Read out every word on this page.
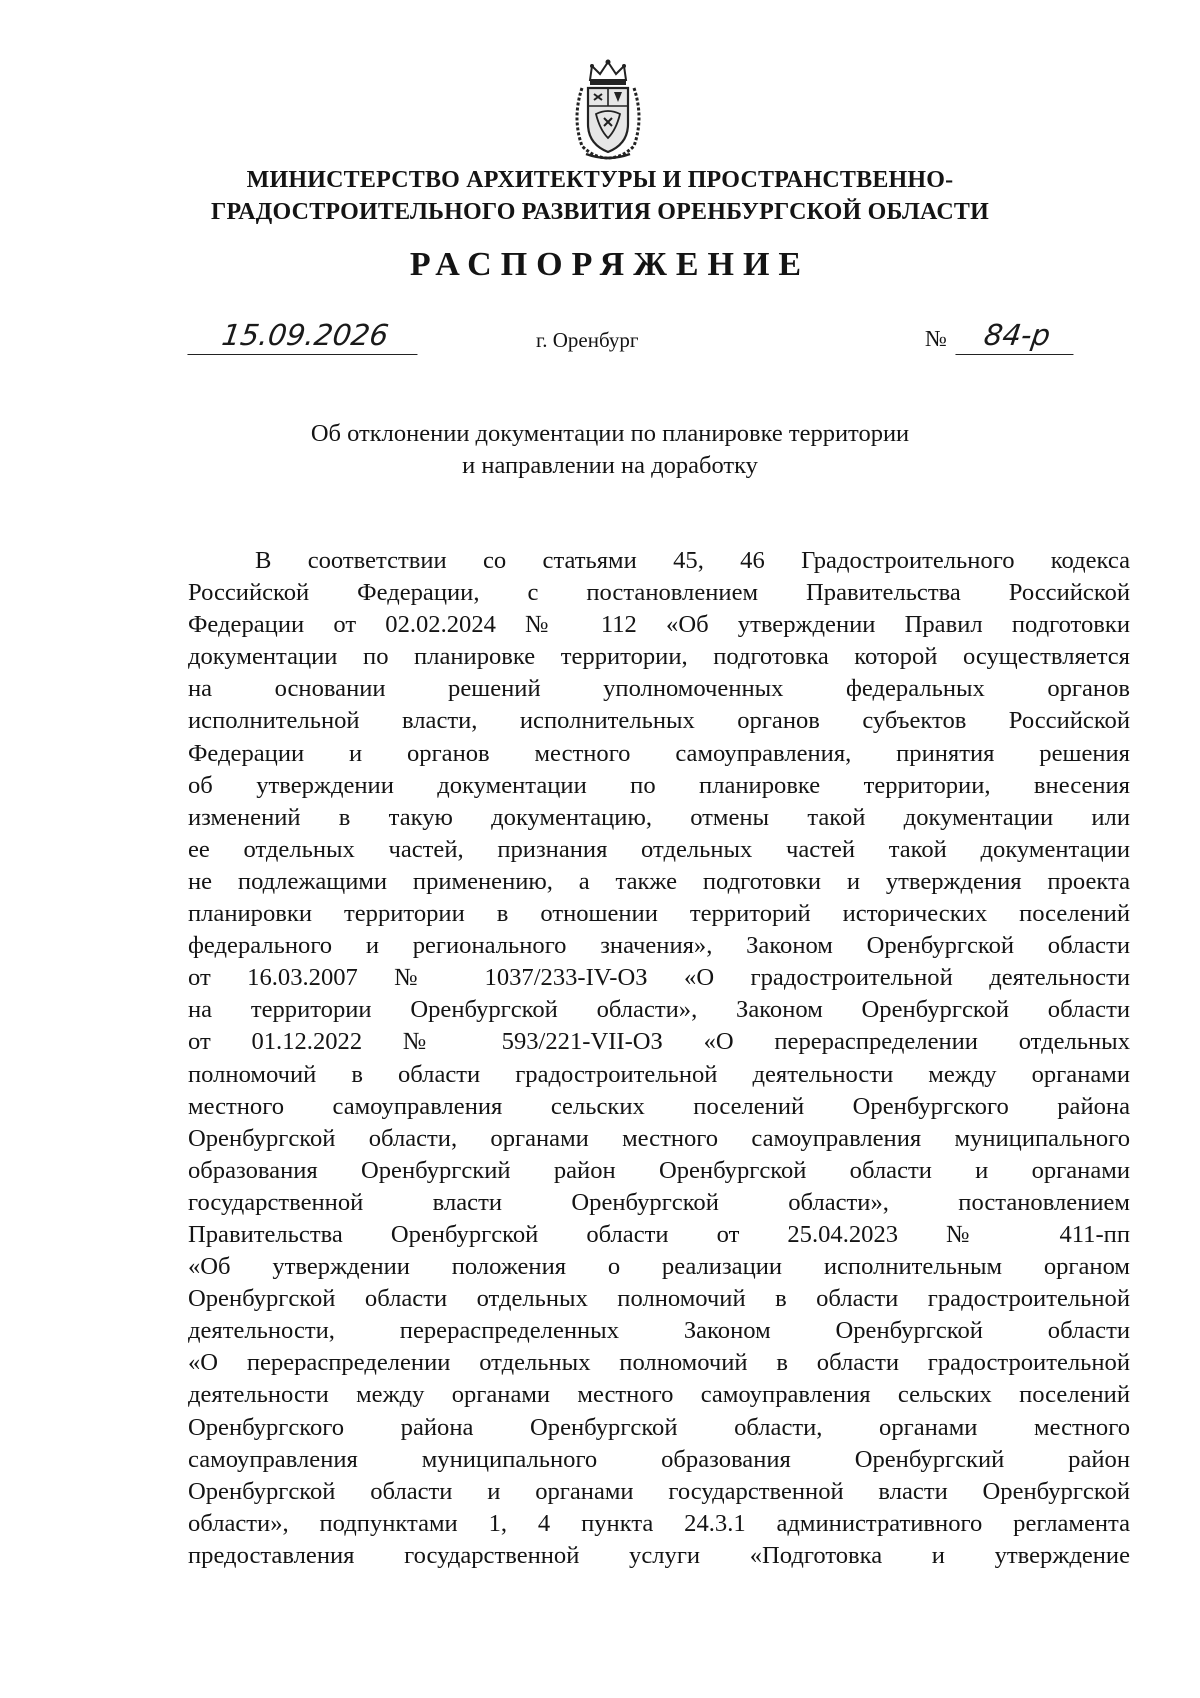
МИНИСТЕРСТВО АРХИТЕКТУРЫ И ПРОСТРАНСТВЕННО-
ГРАДОСТРОИТЕЛЬНОГО РАЗВИТИЯ ОРЕНБУРГСКОЙ ОБЛАСТИ
РАСПОРЯЖЕНИЕ
15.09.2026	г. Оренбург	№	84-р
Об отклонении документации по планировке территории
и направлении на доработку
В соответствии со статьями 45, 46 Градостроительного кодекса
Российской Федерации, с постановлением Правительства Российской
Федерации от 02.02.2024 № 112 «Об утверждении Правил подготовки
документации по планировке территории, подготовка которой осуществляется
на основании решений уполномоченных федеральных органов
исполнительной власти, исполнительных органов субъектов Российской
Федерации и органов местного самоуправления, принятия решения
об утверждении документации по планировке территории, внесения
изменений в такую документацию, отмены такой документации или
ее отдельных частей, признания отдельных частей такой документации
не подлежащими применению, а также подготовки и утверждения проекта
планировки территории в отношении территорий исторических поселений
федерального и регионального значения», Законом Оренбургской области
от 16.03.2007 № 1037/233-IV-ОЗ «О градостроительной деятельности
на территории Оренбургской области», Законом Оренбургской области
от 01.12.2022 № 593/221-VII-ОЗ «О перераспределении отдельных
полномочий в области градостроительной деятельности между органами
местного самоуправления сельских поселений Оренбургского района
Оренбургской области, органами местного самоуправления муниципального
образования Оренбургский район Оренбургской области и органами
государственной власти Оренбургской области», постановлением
Правительства Оренбургской области от 25.04.2023 № 411-пп
«Об утверждении положения о реализации исполнительным органом
Оренбургской области отдельных полномочий в области градостроительной
деятельности, перераспределенных Законом Оренбургской области
«О перераспределении отдельных полномочий в области градостроительной
деятельности между органами местного самоуправления сельских поселений
Оренбургского района Оренбургской области, органами местного
самоуправления муниципального образования Оренбургский район
Оренбургской области и органами государственной власти Оренбургской
области», подпунктами 1, 4 пункта 24.3.1 административного регламента
предоставления государственной услуги «Подготовка и утверждение
